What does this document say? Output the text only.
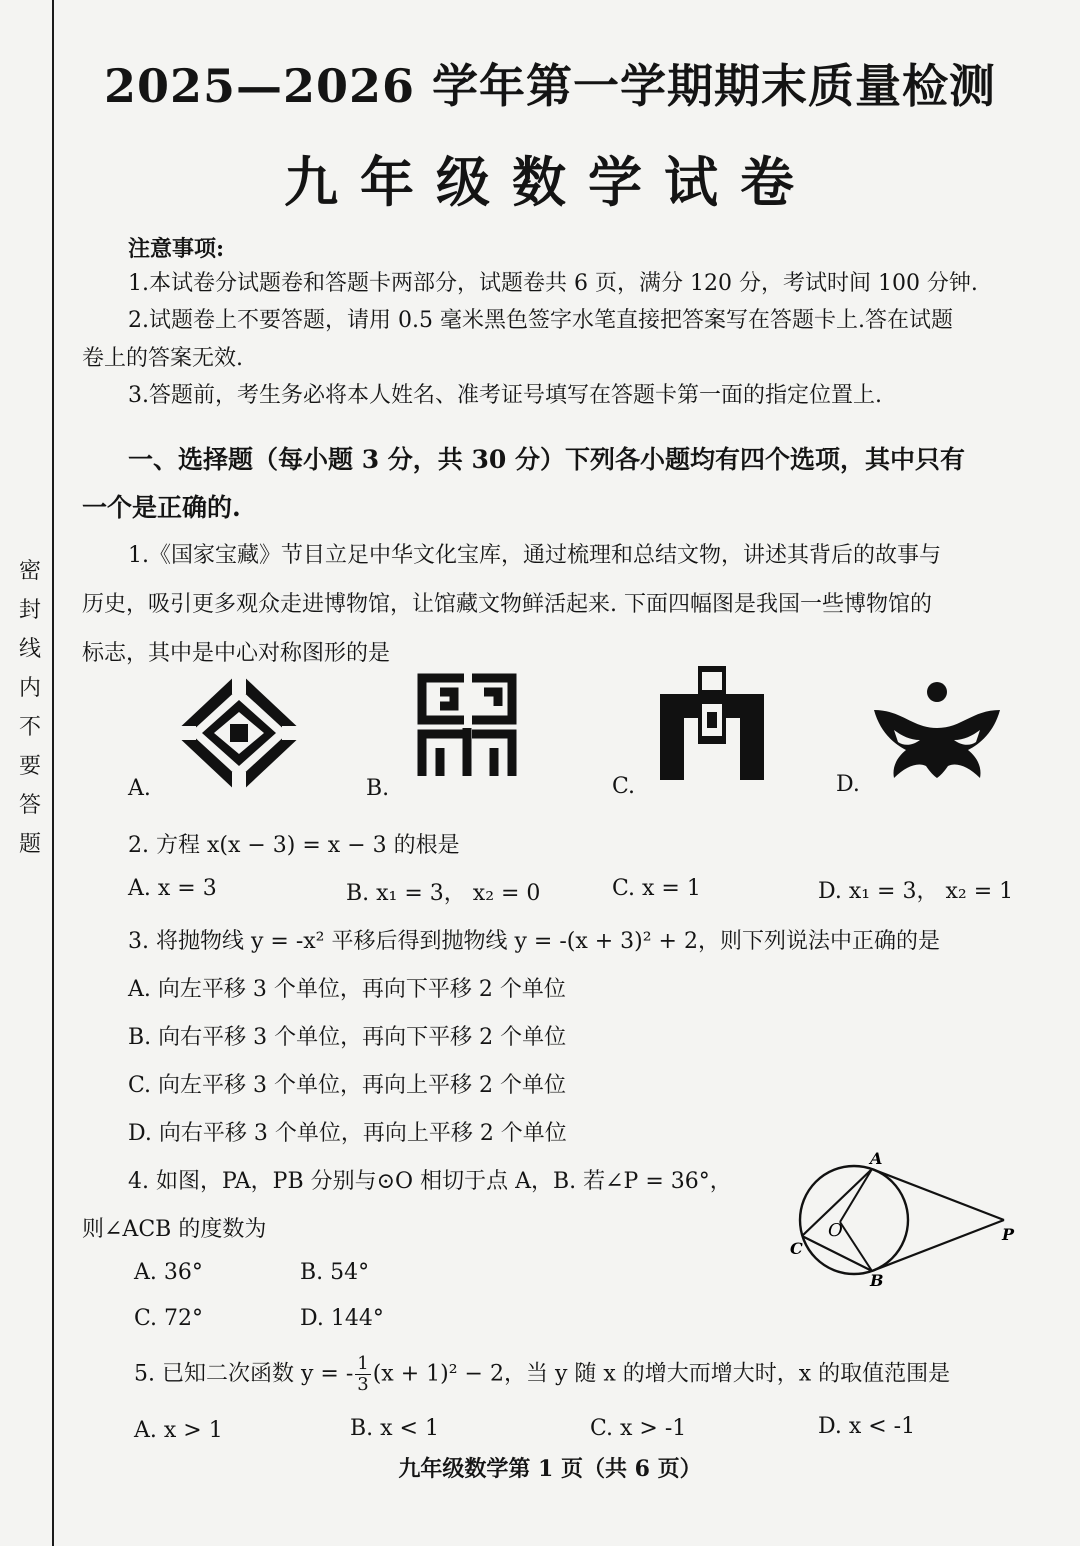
密封线内不要答题
2025—2026 学年第一学期期末质量检测
九年级数学试卷
注意事项:
1.本试卷分试题卷和答题卡两部分，试题卷共 6 页，满分 120 分，考试时间 100 分钟.
2.试题卷上不要答题，请用 0.5 毫米黑色签字水笔直接把答案写在答题卡上.答在试题
卷上的答案无效.
3.答题前，考生务必将本人姓名、准考证号填写在答题卡第一面的指定位置上.
一、选择题（每小题 3 分，共 30 分）下列各小题均有四个选项，其中只有
一个是正确的.
1.《国家宝藏》节目立足中华文化宝库，通过梳理和总结文物，讲述其背后的故事与
历史，吸引更多观众走进博物馆，让馆藏文物鲜活起来. 下面四幅图是我国一些博物馆的
标志，其中是中心对称图形的是
A.	B.	C.	D.
2. 方程 x(x − 3) = x − 3 的根是
A. x = 3	B. x₁ = 3， x₂ = 0	C. x = 1	D. x₁ = 3， x₂ = 1
3. 将抛物线 y = -x² 平移后得到抛物线 y = -(x + 3)² + 2，则下列说法中正确的是
A. 向左平移 3 个单位，再向下平移 2 个单位
B. 向右平移 3 个单位，再向下平移 2 个单位
C. 向左平移 3 个单位，再向上平移 2 个单位
D. 向右平移 3 个单位，再向上平移 2 个单位
4. 如图，PA，PB 分别与⊙O 相切于点 A，B. 若∠P = 36°，
则∠ACB 的度数为
A. 36°	B. 54°
C. 72°	D. 144°
A
O
C
B
P
5. 已知二次函数 y = - $\frac{1}{3} (x + 1)^2 - 2$，当 y 随 x 的增大而增大时，x 的取值范围是
A. x > 1	B. x < 1	C. x > -1	D. x < -1
九年级数学第 1 页（共 6 页）
